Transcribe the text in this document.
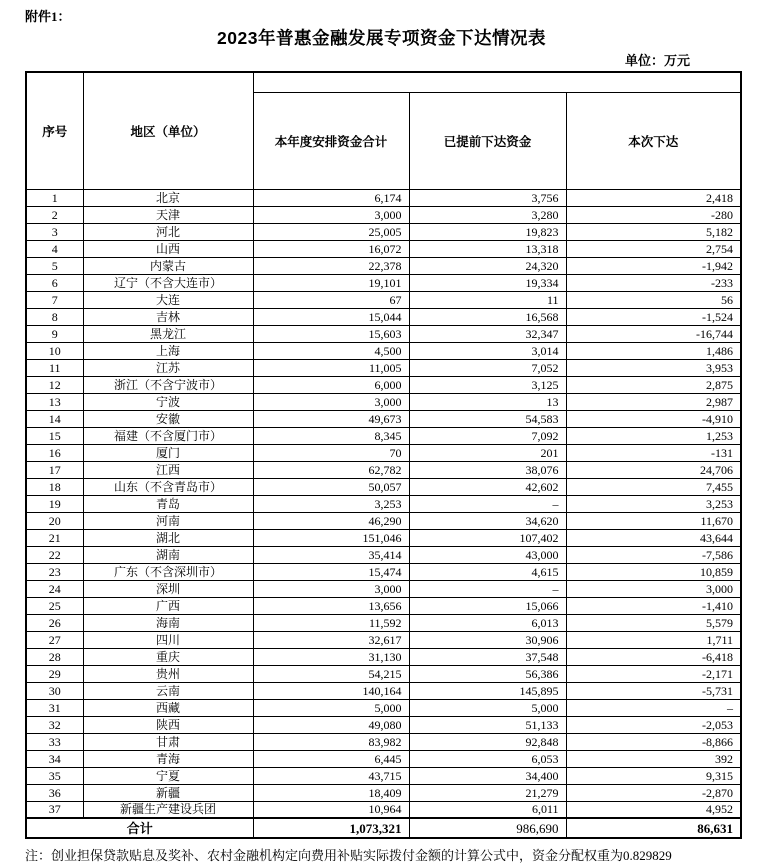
附件1：
2023年普惠金融发展专项资金下达情况表
单位：万元
序号	地区（单位）			
		本年度安排资金合计	已提前下达资金	本次下达
1	北京	6,174	3,756	2,418
2	天津	3,000	3,280	-280
3	河北	25,005	19,823	5,182
4	山西	16,072	13,318	2,754
5	内蒙古	22,378	24,320	-1,942
6	辽宁（不含大连市）	19,101	19,334	-233
7	大连	67	11	56
8	吉林	15,044	16,568	-1,524
9	黑龙江	15,603	32,347	-16,744
10	上海	4,500	3,014	1,486
11	江苏	11,005	7,052	3,953
12	浙江（不含宁波市）	6,000	3,125	2,875
13	宁波	3,000	13	2,987
14	安徽	49,673	54,583	-4,910
15	福建（不含厦门市）	8,345	7,092	1,253
16	厦门	70	201	-131
17	江西	62,782	38,076	24,706
18	山东（不含青岛市）	50,057	42,602	7,455
19	青岛	3,253	–	3,253
20	河南	46,290	34,620	11,670
21	湖北	151,046	107,402	43,644
22	湖南	35,414	43,000	-7,586
23	广东（不含深圳市）	15,474	4,615	10,859
24	深圳	3,000	–	3,000
25	广西	13,656	15,066	-1,410
26	海南	11,592	6,013	5,579
27	四川	32,617	30,906	1,711
28	重庆	31,130	37,548	-6,418
29	贵州	54,215	56,386	-2,171
30	云南	140,164	145,895	-5,731
31	西藏	5,000	5,000	–
32	陕西	49,080	51,133	-2,053
33	甘肃	83,982	92,848	-8,866
34	青海	6,445	6,053	392
35	宁夏	43,715	34,400	9,315
36	新疆	18,409	21,279	-2,870
37	新疆生产建设兵团	10,964	6,011	4,952
合计		1,073,321	986,690	86,631
注：创业担保贷款贴息及奖补、农村金融机构定向费用补贴实际拨付金额的计算公式中，资金分配权重为0.829829
